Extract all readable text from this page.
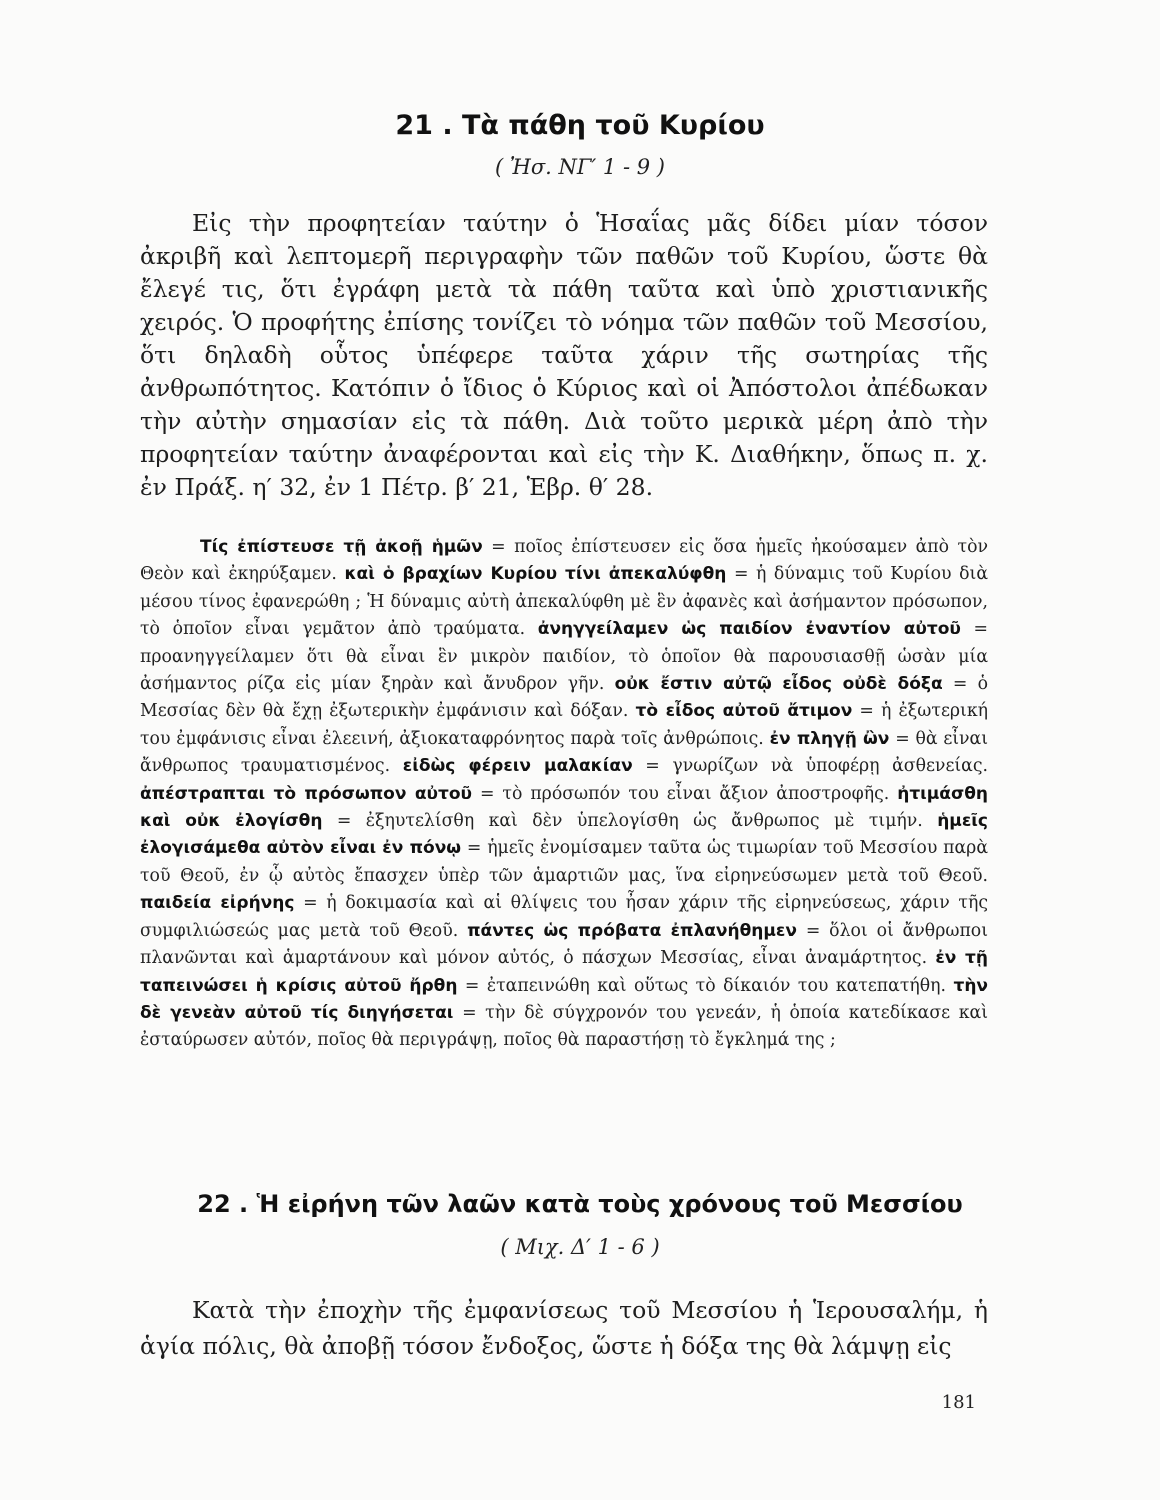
21 . Τὰ πάθη τοῦ Κυρίου
( Ἠσ. ΝΓ′ 1 - 9 )

Εἰς τὴν προφητείαν ταύτην ὁ Ἡσαΐας μᾶς δίδει μίαν τόσον ἀκριβῆ καὶ λεπτομερῆ περιγραφὴν τῶν παθῶν τοῦ Κυρίου, ὥστε θὰ ἔλεγέ τις, ὅτι ἐγράφη μετὰ τὰ πάθη ταῦτα καὶ ὑπὸ χριστιανικῆς χειρός. Ὁ προφήτης ἐπίσης τονίζει τὸ νόημα τῶν παθῶν τοῦ Μεσσίου, ὅτι δηλαδὴ οὗτος ὑπέφερε ταῦτα χάριν τῆς σωτηρίας τῆς ἀνθρωπότητος. Κατόπιν ὁ ἴδιος ὁ Κύριος καὶ οἱ Ἀπόστολοι ἀπέδωκαν τὴν αὐτὴν σημασίαν εἰς τὰ πάθη. Διὰ τοῦτο μερικὰ μέρη ἀπὸ τὴν προφητείαν ταύτην ἀναφέρονται καὶ εἰς τὴν Κ. Διαθήκην, ὅπως π. χ. ἐν Πράξ. η′ 32, ἐν 1 Πέτρ. β′ 21, Ἑβρ. θ′ 28.

Τίς ἐπίστευσε τῇ ἀκοῇ ἡμῶν = ποῖος ἐπίστευσεν εἰς ὅσα ἡμεῖς ἠκούσαμεν ἀπὸ τὸν Θεὸν καὶ ἐκηρύξαμεν. καὶ ὁ βραχίων Κυρίου τίνι ἀπεκαλύφθη = ἡ δύναμις τοῦ Κυρίου διὰ μέσου τίνος ἐφανερώθη ; Ἡ δύναμις αὐτὴ ἀπεκαλύφθη μὲ ἓν ἀφανὲς καὶ ἀσήμαντον πρόσωπον, τὸ ὁποῖον εἶναι γεμᾶτον ἀπὸ τραύματα. ἀνηγγείλαμεν ὡς παιδίον ἐναντίον αὐτοῦ = προανηγγείλαμεν ὅτι θὰ εἶναι ἓν μικρὸν παιδίον, τὸ ὁποῖον θὰ παρουσιασθῇ ὡσὰν μία ἀσήμαντος ρίζα εἰς μίαν ξηρὰν καὶ ἄνυδρον γῆν. οὐκ ἔστιν αὐτῷ εἶδος οὐδὲ δόξα = ὁ Μεσσίας δὲν θὰ ἔχῃ ἐξωτερικὴν ἐμφάνισιν καὶ δόξαν. τὸ εἶδος αὐτοῦ ἄτιμον = ἡ ἐξωτερική του ἐμφάνισις εἶναι ἐλεεινή, ἀξιοκαταφρόνητος παρὰ τοῖς ἀνθρώποις. ἐν πληγῇ ὢν = θὰ εἶναι ἄνθρωπος τραυματισμένος. εἰδὼς φέρειν μαλακίαν = γνωρίζων νὰ ὑποφέρῃ ἀσθενείας. ἀπέστραπται τὸ πρόσωπον αὐτοῦ = τὸ πρόσωπόν του εἶναι ἄξιον ἀποστροφῆς. ἠτιμάσθη καὶ οὐκ ἐλογίσθη = ἐξηυτελίσθη καὶ δὲν ὑπελογίσθη ὡς ἄνθρωπος μὲ τιμήν. ἡμεῖς ἐλογισάμεθα αὐτὸν εἶναι ἐν πόνῳ = ἡμεῖς ἐνομίσαμεν ταῦτα ὡς τιμωρίαν τοῦ Μεσσίου παρὰ τοῦ Θεοῦ, ἐν ᾧ αὐτὸς ἔπασχεν ὑπὲρ τῶν ἁμαρτιῶν μας, ἵνα εἰρηνεύσωμεν μετὰ τοῦ Θεοῦ. παιδεία εἰρήνης = ἡ δοκιμασία καὶ αἱ θλίψεις του ἦσαν χάριν τῆς εἰρηνεύσεως, χάριν τῆς συμφιλιώσεώς μας μετὰ τοῦ Θεοῦ. πάντες ὡς πρόβατα ἐπλανήθημεν = ὅλοι οἱ ἄνθρωποι πλανῶνται καὶ ἁμαρτάνουν καὶ μόνον αὐτός, ὁ πάσχων Μεσσίας, εἶναι ἀναμάρτητος. ἐν τῇ ταπεινώσει ἡ κρίσις αὐτοῦ ἤρθη = ἐταπεινώθη καὶ οὕτως τὸ δίκαιόν του κατεπατήθη. τὴν δὲ γενεὰν αὐτοῦ τίς διηγήσεται = τὴν δὲ σύγχρονόν του γενεάν, ἡ ὁποία κατεδίκασε καὶ ἐσταύρωσεν αὐτόν, ποῖος θὰ περιγράψῃ, ποῖος θὰ παραστήσῃ τὸ ἔγκλημά της ;

22 . Ἡ εἰρήνη τῶν λαῶν κατὰ τοὺς χρόνους τοῦ Μεσσίου
( Μιχ. Δ′ 1 - 6 )

Κατὰ τὴν ἐποχὴν τῆς ἐμφανίσεως τοῦ Μεσσίου ἡ Ἱερουσαλήμ, ἡ ἁγία πόλις, θὰ ἀποβῇ τόσον ἔνδοξος, ὥστε ἡ δόξα της θὰ λάμψῃ εἰς

181
